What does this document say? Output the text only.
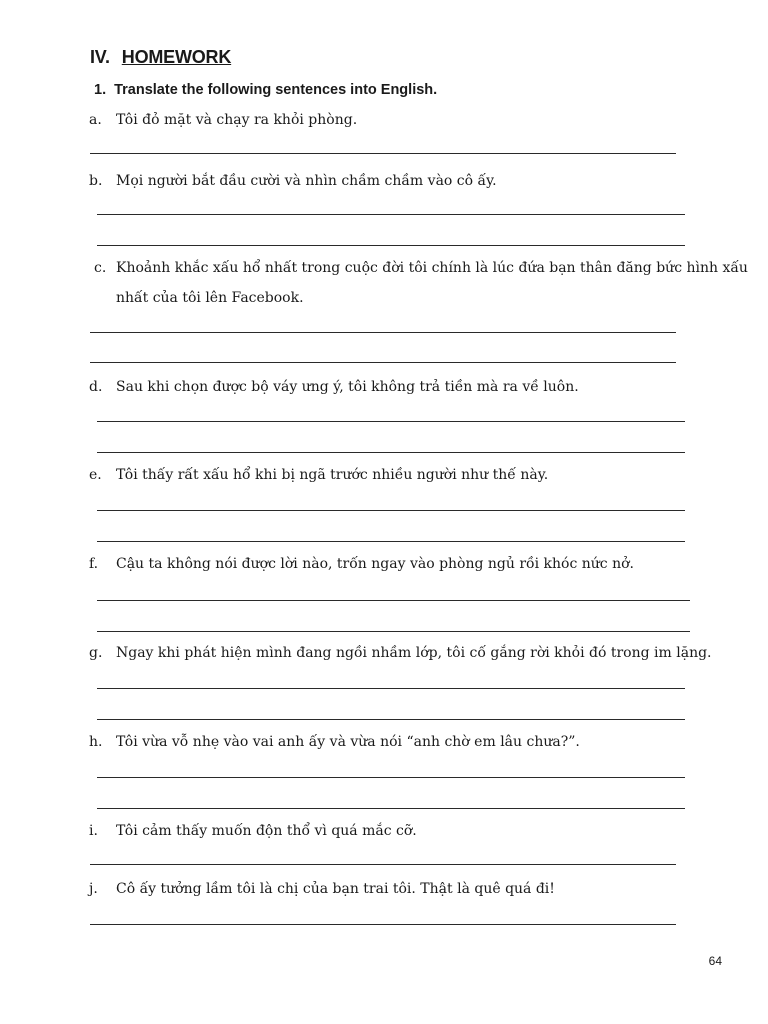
IV. HOMEWORK
1. Translate the following sentences into English.
a. Tôi đỏ mặt và chạy ra khỏi phòng.
b. Mọi người bắt đầu cười và nhìn chầm chầm vào cô ấy.
c. Khoảnh khắc xấu hổ nhất trong cuộc đời tôi chính là lúc đứa bạn thân đăng bức hình xấu
nhất của tôi lên Facebook.
d. Sau khi chọn được bộ váy ưng ý, tôi không trả tiền mà ra về luôn.
e. Tôi thấy rất xấu hổ khi bị ngã trước nhiều người như thế này.
f. Cậu ta không nói được lời nào, trốn ngay vào phòng ngủ rồi khóc nức nở.
g. Ngay khi phát hiện mình đang ngồi nhầm lớp, tôi cố gắng rời khỏi đó trong im lặng.
h. Tôi vừa vỗ nhẹ vào vai anh ấy và vừa nói “anh chờ em lâu chưa?”.
i. Tôi cảm thấy muốn độn thổ vì quá mắc cỡ.
j. Cô ấy tưởng lầm tôi là chị của bạn trai tôi. Thật là quê quá đi!
64
